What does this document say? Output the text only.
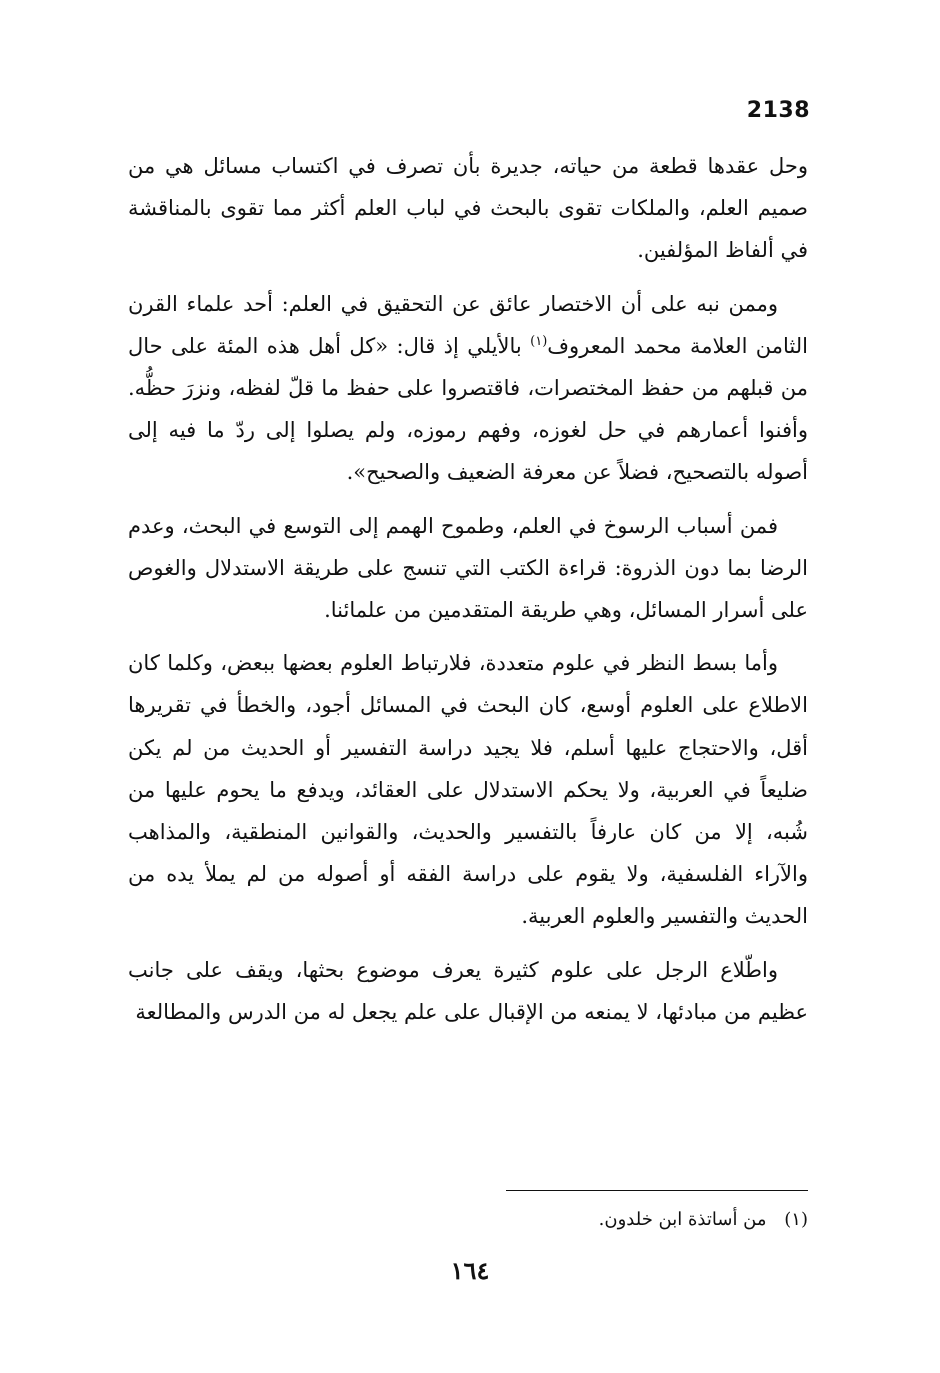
2138

وحل عقدها قطعة من حياته، جديرة بأن تصرف في اكتساب مسائل هي من صميم العلم، والملكات تقوى بالبحث في لباب العلم أكثر مما تقوى بالمناقشة في ألفاظ المؤلفين.

وممن نبه على أن الاختصار عائق عن التحقيق في العلم: أحد علماء القرن الثامن العلامة محمد المعروف$^{(١)}$ بالأيلي إذ قال: «كل أهل هذه المئة على حال من قبلهم من حفظ المختصرات، فاقتصروا على حفظ ما قلّ لفظه، ونزرَ حظُّه. وأفنوا أعمارهم في حل لغوزه، وفهم رموزه، ولم يصلوا إلى ردّ ما فيه إلى أصوله بالتصحيح، فضلاً عن معرفة الضعيف والصحيح».

فمن أسباب الرسوخ في العلم، وطموح الهمم إلى التوسع في البحث، وعدم الرضا بما دون الذروة: قراءة الكتب التي تنسج على طريقة الاستدلال والغوص على أسرار المسائل، وهي طريقة المتقدمين من علمائنا.

وأما بسط النظر في علوم متعددة، فلارتباط العلوم بعضها ببعض، وكلما كان الاطلاع على العلوم أوسع، كان البحث في المسائل أجود، والخطأ في تقريرها أقل، والاحتجاج عليها أسلم، فلا يجيد دراسة التفسير أو الحديث من لم يكن ضليعاً في العربية، ولا يحكم الاستدلال على العقائد، ويدفع ما يحوم عليها من شُبه، إلا من كان عارفاً بالتفسير والحديث، والقوانين المنطقية، والمذاهب والآراء الفلسفية، ولا يقوم على دراسة الفقه أو أصوله من لم يملأ يده من الحديث والتفسير والعلوم العربية.

واطّلاع الرجل على علوم كثيرة يعرف موضوع بحثها، ويقف على جانب عظيم من مبادئها، لا يمنعه من الإقبال على علم يجعل له من الدرس والمطالعة

(١) من أساتذة ابن خلدون.
١٦٤
